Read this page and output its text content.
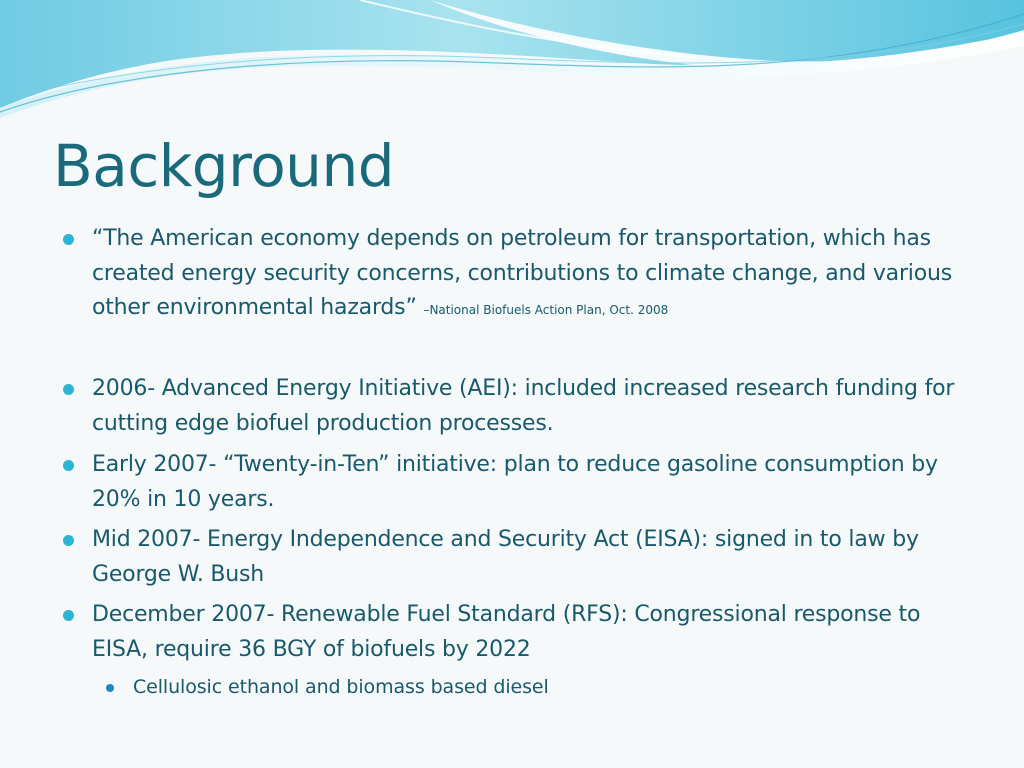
Background
“The American economy depends on petroleum for transportation, which has created energy security concerns, contributions to climate change, and various other environmental hazards” –National Biofuels Action Plan, Oct. 2008
2006- Advanced Energy Initiative (AEI): included increased research funding for cutting edge biofuel production processes.
Early 2007- “Twenty-in-Ten” initiative: plan to reduce gasoline consumption by 20% in 10 years.
Mid 2007- Energy Independence and Security Act (EISA): signed in to law by George W. Bush
December 2007- Renewable Fuel Standard (RFS): Congressional response to EISA, require 36 BGY of biofuels by 2022
Cellulosic ethanol and biomass based diesel
